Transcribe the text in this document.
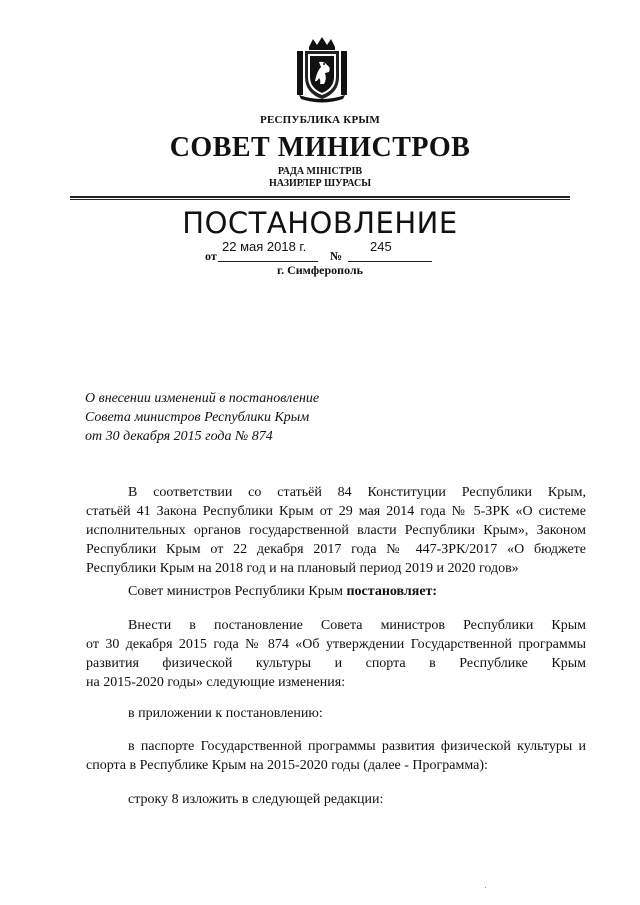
РЕСПУБЛИКА КРЫМ
СОВЕТ МИНИСТРОВ
РАДА МІНІСТРІВ
НАЗИРЛЕР ШУРАСЫ
ПОСТАНОВЛЕНИЕ
от
22 мая 2018 г.
№
245
г. Симферополь
О внесении изменений в постановление
Совета министров Республики Крым
от 30 декабря 2015 года № 874
В соответствии со статьёй 84 Конституции Республики Крым,
статьёй 41 Закона Республики Крым от 29 мая 2014 года № 5-ЗРК «О системе
исполнительных органов государственной власти Республики Крым», Законом
Республики Крым от 22 декабря 2017 года № 447-ЗРК/2017 «О бюджете
Республики Крым на 2018 год и на плановый период 2019 и 2020 годов»
Совет министров Республики Крым постановляет:
Внести в постановление Совета министров Республики Крым
от 30 декабря 2015 года № 874 «Об утверждении Государственной программы
развития физической культуры и спорта в Республике Крым
на 2015-2020 годы» следующие изменения:
в приложении к постановлению:
в паспорте Государственной программы развития физической культуры и
спорта в Республике Крым на 2015-2020 годы (далее - Программа):
строку 8 изложить в следующей редакции:
